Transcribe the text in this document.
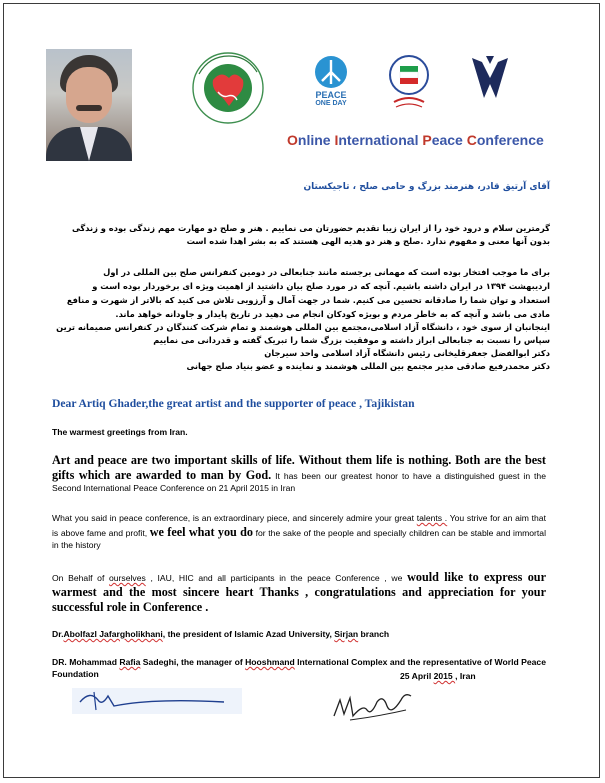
PEACE
ONE DAY
Online International Peace Conference
آقای آرتیق قادر، هنرمند بزرگ و حامی صلح ، تاجیکستان
گرمترین سلام و درود خود را از ایران زیبا تقدیم حضورتان می نماییم . هنر و صلح دو مهارت مهم زندگی بوده و زندگی
بدون آنها معنی و مفهوم ندارد .صلح و هنر دو هدیه الهی هستند که به بشر اهدا شده است
برای ما موجب افتخار بوده است که مهمانی برجسته مانند جنابعالی در دومین کنفرانس صلح بین المللی در اول
اردیبهشت ۱۳۹۴ در ایران داشته باشیم. آنچه که در مورد صلح بیان داشتید از اهمیت ویژه ای برخوردار بوده است و
استعداد و توان شما را صادقانه تحسین می کنیم. شما در جهت آمال و آرزویی تلاش می کنید که بالاتر از شهرت و منافع
مادی می باشد و آنچه که به خاطر مردم و بویژه کودکان انجام می دهید در تاریخ پایدار و جاودانه خواهد ماند.
اینجانبان از سوی خود ، دانشگاه آزاد اسلامی،مجتمع بین المللی هوشمند و تمام شرکت کنندگان در کنفرانس صمیمانه ترین
سپاس را نسبت به جنابعالی ابراز داشته و موفقیت بزرگ شما را تبریک گفته و قدردانی می نماییم
دکتر ابوالفضل جعفرقلیخانی رئیس دانشگاه آزاد اسلامی واحد سیرجان
دکتر محمدرفیع صادقی مدیر مجتمع بین المللی هوشمند و نماینده و عضو بنیاد صلح جهانی
Dear Artiq Ghader,the great artist and the supporter of peace , Tajikistan
The warmest greetings from Iran.
Art and peace are two important skills of life. Without them life is nothing. Both are the best gifts which are awarded to man by God. It has been our greatest honor to have a distinguished guest in the Second International Peace Conference on 21 April 2015 in Iran
What you said in peace conference, is an extraordinary piece, and sincerely admire your great talents . You strive for an aim that is above fame and profit, we feel what you do for the sake of the people and specially children can be stable and immortal in the history
On Behalf of ourselves , IAU, HIC and all participants in the peace Conference , we would like to express our warmest and the most sincere heart Thanks , congratulations and appreciation for your successful role in Conference .
Dr.Abolfazl Jafargholikhani, the president of Islamic Azad University, Sirjan branch
DR. Mohammad Rafia Sadeghi, the manager of Hooshmand International Complex and the representative of World Peace Foundation	25 April 2015 , Iran
